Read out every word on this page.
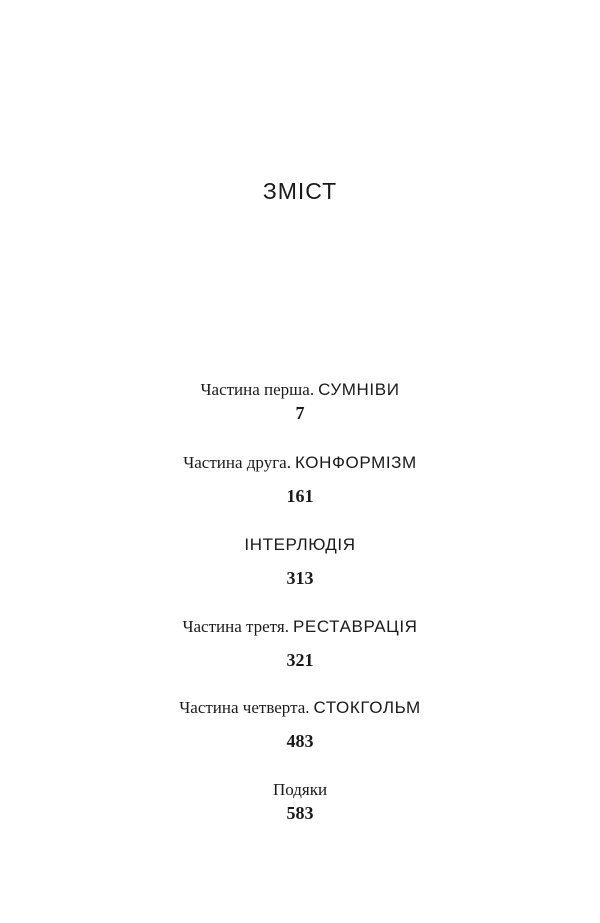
ЗМІСТ
Частина перша. СУМНІВИ
7
Частина друга. КОНФОРМІЗМ
161
ІНТЕРЛЮДІЯ
313
Частина третя. РЕСТАВРАЦІЯ
321
Частина четверта. СТОКГОЛЬМ
483
Подяки
583
